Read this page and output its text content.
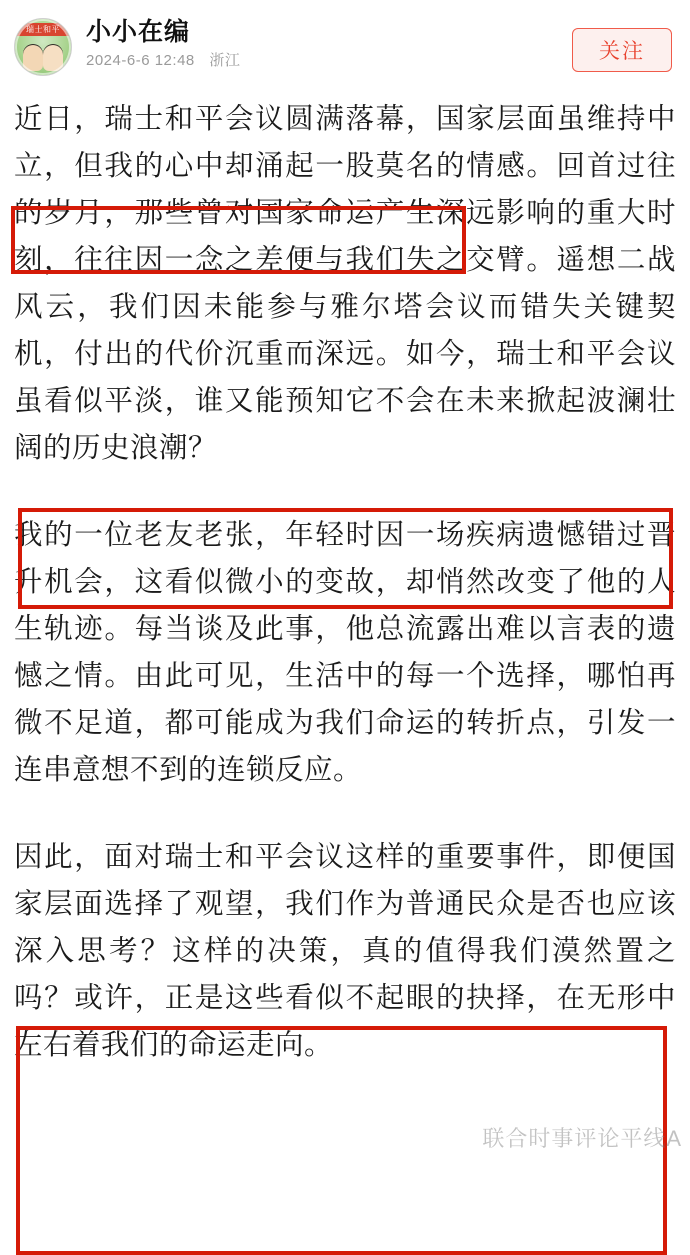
瑞士和平	小小在编
2024-6-6 12:48 浙江	关注

近日，瑞士和平会议圆满落幕，国家层面虽维持中立，但我的心中却涌起一股莫名的情感。回首过往的岁月，那些曾对国家命运产生深远影响的重大时刻，往往因一念之差便与我们失之交臂。遥想二战风云，我们因未能参与雅尔塔会议而错失关键契机，付出的代价沉重而深远。如今，瑞士和平会议虽看似平淡，谁又能预知它不会在未来掀起波澜壮阔的历史浪潮？

我的一位老友老张，年轻时因一场疾病遗憾错过晋升机会，这看似微小的变故，却悄然改变了他的人生轨迹。每当谈及此事，他总流露出难以言表的遗憾之情。由此可见，生活中的每一个选择，哪怕再微不足道，都可能成为我们命运的转折点，引发一连串意想不到的连锁反应。

因此，面对瑞士和平会议这样的重要事件，即便国家层面选择了观望，我们作为普通民众是否也应该深入思考？这样的决策，真的值得我们漠然置之吗？或许，正是这些看似不起眼的抉择，在无形中左右着我们的命运走向。

联合时事评论平线A
